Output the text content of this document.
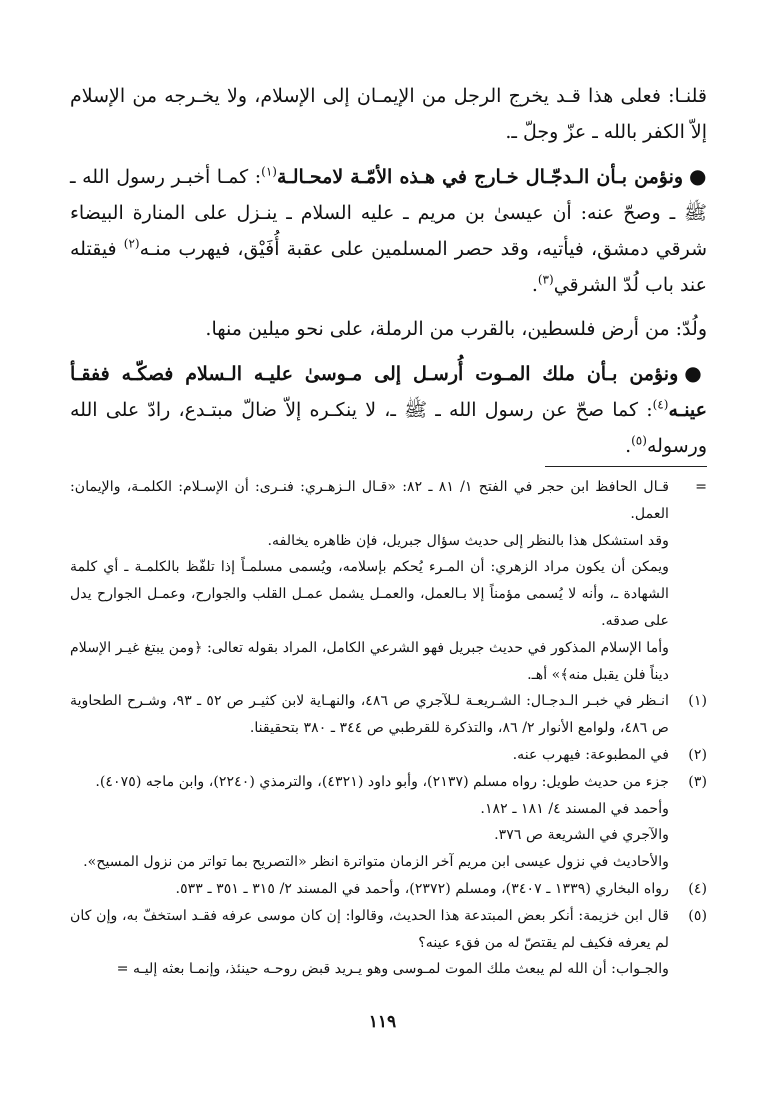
قلنـا: فعلى هذا قـد يخرج الرجل من الإيمـان إلى الإسلام، ولا يخـرجه من الإسلام إلاّ الكفر بالله ـ عزّ وجلّ ـ.

●ونؤمن بـأن الـدجّـال خـارج في هـذه الأمّـة لامحـالـة$^{(١)}$: كمـا أخبـر رسول الله ـ ﷺ ـ وصحّ عنه: أن عيسىٰ بن مريم ـ عليه السلام ـ ينـزل على المنارة البيضاء شرقي دمشق، فيأتيه، وقد حصر المسلمين على عقبة أُفَيْق، فيهرب منـه$^{(٢)}$ فيقتله عند باب لُدّ الشرقي$^{(٣)}$.

ولُدّ: من أرض فلسطين، بالقرب من الرملة، على نحو ميلين منها.

●ونؤمن بـأن ملك المـوت أُرسـل إلى مـوسىٰ عليـه الـسلام فصكّـه ففقـأ عينـه$^{(٤)}$: كما صحّ عن رسول الله ـ ﷺ ـ، لا ينكـره إلاّ ضالّ مبتـدع، رادّ على الله ورسوله$^{(٥)}$.

=

قـال الحافظ ابن حجر في الفتح ١/ ٨١ ـ ٨٢: «قـال الـزهـري: فنـرى: أن الإسـلام: الكلمـة، والإيمان: العمل.

وقد استشكل هذا بالنظر إلى حديث سؤال جبريل، فإن ظاهره يخالفه.

ويمكن أن يكون مراد الزهري: أن المـرء يُحكم بإسلامه، ويُسمى مسلمـاً إذا تلفّظ بالكلمـة ـ أي كلمة الشهادة ـ، وأنه لا يُسمى مؤمناً إلا بـالعمل، والعمـل يشمل عمـل القلب والجوارح، وعمـل الجوارح يدل على صدقه.

وأما الإسلام المذكور في حديث جبريل فهو الشرعي الكامل، المراد بقوله تعالى: ﴿ومن يبتغ غيـر الإسلام ديناً فلن يقبل منه﴾» أهـ.

(١)

انـظر في خبـر الـدجـال: الشـريعـة لـلآجري ص ٤٨٦، والنهـاية لابن كثيـر ص ٥٢ ـ ٩٣، وشـرح الطحاوية ص ٤٨٦، ولوامع الأنوار ٢/ ٨٦، والتذكرة للقرطبي ص ٣٤٤ ـ ٣٨٠ بتحقيقنا.

(٢)

في المطبوعة: فيهرب عنه.

(٣)

جزء من حديث طويل: رواه مسلم (٢١٣٧)، وأبو داود (٤٣٢١)، والترمذي (٢٢٤٠)، وابن ماجه (٤٠٧٥).

وأحمد في المسند ٤/ ١٨١ ـ ١٨٢.

والآجري في الشريعة ص ٣٧٦.

والأحاديث في نزول عيسى ابن مريم آخر الزمان متواترة انظر «التصريح بما تواتر من نزول المسيح».

(٤)

رواه البخاري (١٣٣٩ ـ ٣٤٠٧)، ومسلم (٢٣٧٢)، وأحمد في المسند ٢/ ٣١٥ ـ ٣٥١ ـ ٥٣٣.

(٥)

قال ابن خزيمة: أنكر بعض المبتدعة هذا الحديث، وقالوا: إن كان موسى عرفه فقـد استخفّ به، وإن كان لم يعرفه فكيف لم يقتصّ له من فقء عينه؟

والجـواب: أن الله لم يبعث ملك الموت لمـوسى وهو يـريد قبض روحـه حينئذ، وإنمـا بعثه إليـه =

١١٩
